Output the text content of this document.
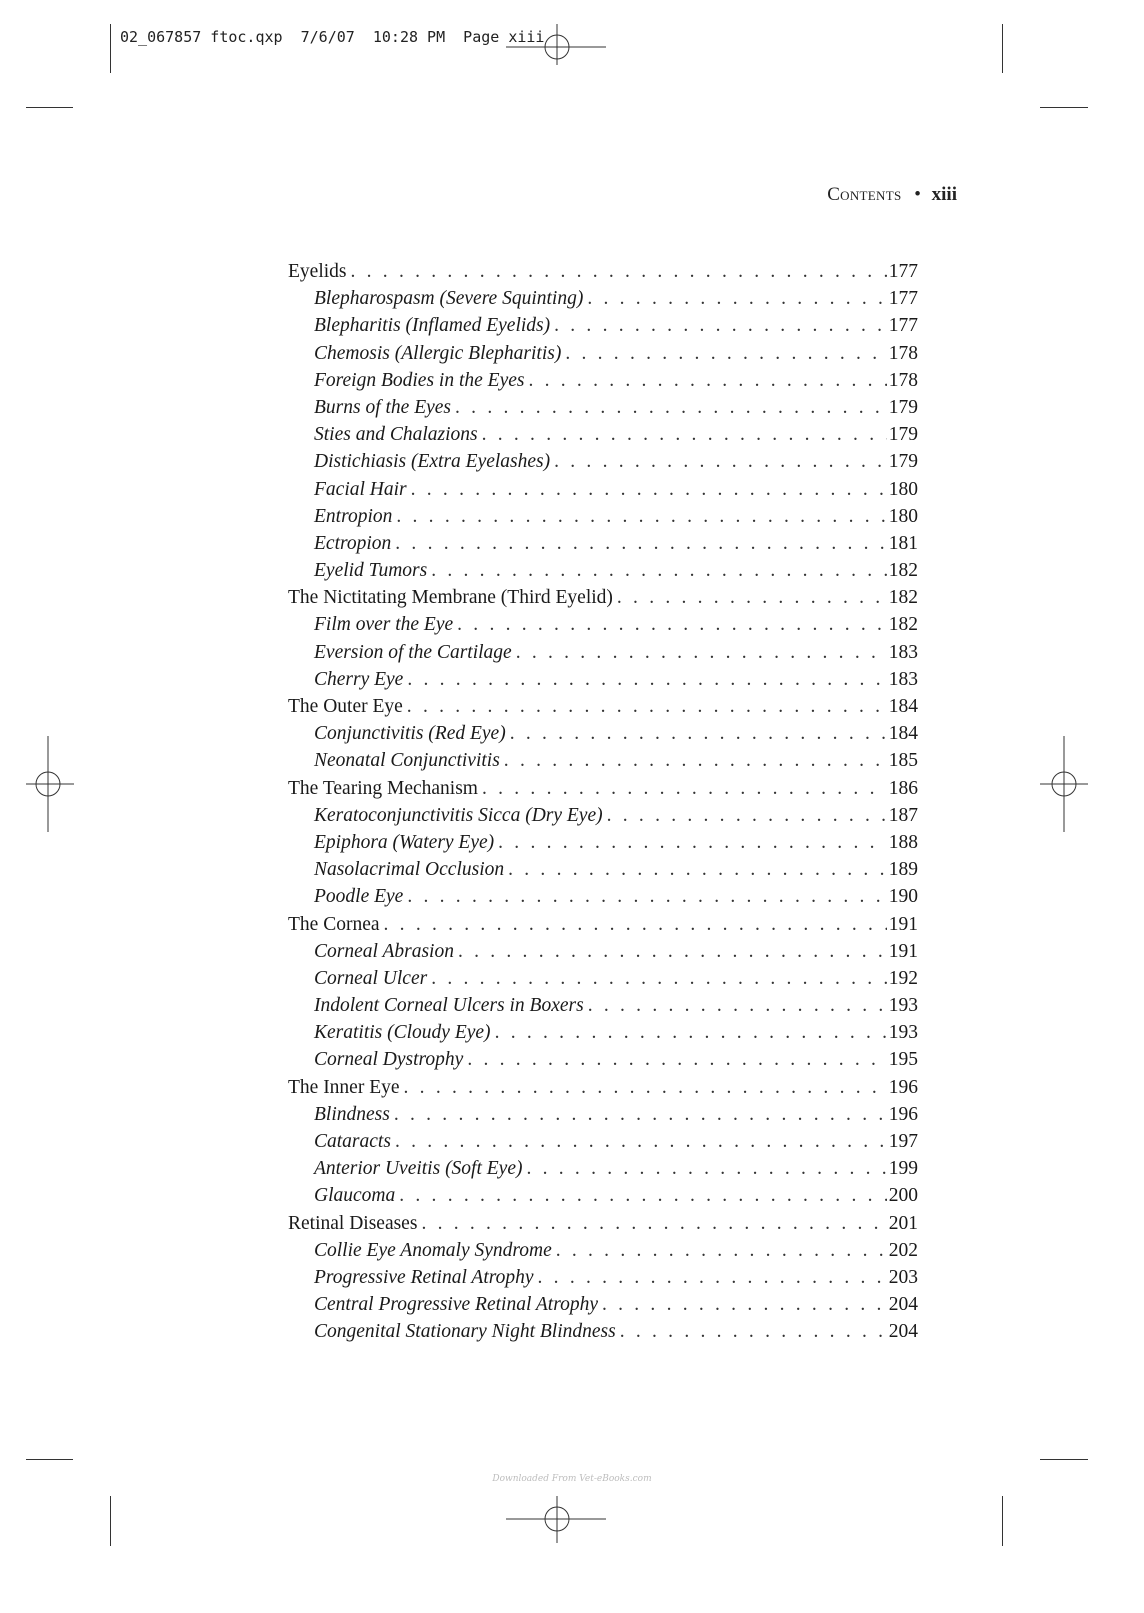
02_067857 ftoc.qxp  7/6/07  10:28 PM  Page xiii
Contents • xiii
Eyelids . . .	177
Blepharospasm (Severe Squinting) . . .	177
Blepharitis (Inflamed Eyelids) . . .	177
Chemosis (Allergic Blepharitis) . . .	178
Foreign Bodies in the Eyes . . .	178
Burns of the Eyes . . .	179
Sties and Chalazions . . .	179
Distichiasis (Extra Eyelashes) . . .	179
Facial Hair . . .	180
Entropion . . .	180
Ectropion . . .	181
Eyelid Tumors . . .	182
The Nictitating Membrane (Third Eyelid) . . .	182
Film over the Eye . . .	182
Eversion of the Cartilage . . .	183
Cherry Eye . . .	183
The Outer Eye . . .	184
Conjunctivitis (Red Eye) . . .	184
Neonatal Conjunctivitis . . .	185
The Tearing Mechanism . . .	186
Keratoconjunctivitis Sicca (Dry Eye) . . .	187
Epiphora (Watery Eye) . . .	188
Nasolacrimal Occlusion . . .	189
Poodle Eye . . .	190
The Cornea . . .	191
Corneal Abrasion . . .	191
Corneal Ulcer . . .	192
Indolent Corneal Ulcers in Boxers . . .	193
Keratitis (Cloudy Eye) . . .	193
Corneal Dystrophy . . .	195
The Inner Eye . . .	196
Blindness . . .	196
Cataracts . . .	197
Anterior Uveitis (Soft Eye) . . .	199
Glaucoma . . .	200
Retinal Diseases . . .	201
Collie Eye Anomaly Syndrome . . .	202
Progressive Retinal Atrophy . . .	203
Central Progressive Retinal Atrophy . . .	204
Congenital Stationary Night Blindness . . .	204
Downloaded From Vet-eBooks.com
